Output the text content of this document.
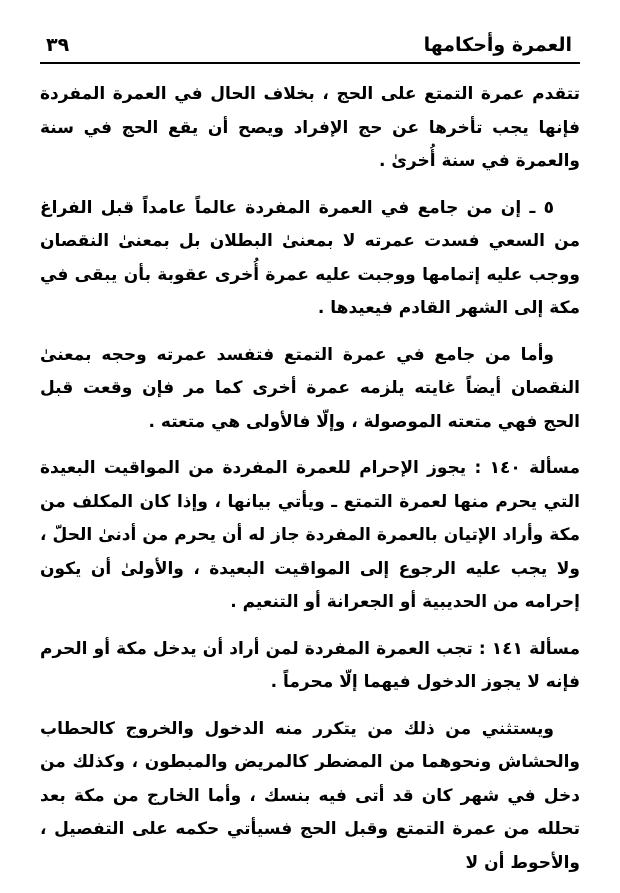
العمرة وأحكامها
٣٩

تتقدم عمرة التمتع على الحج ، بخلاف الحال في العمرة المفردة فإنها يجب تأخرها عن حج الإفراد ويصح أن يقع الحج في سنة والعمرة في سنة أُخرىٰ .

٥ ـ إن من جامع في العمرة المفردة عالماً عامداً قبل الفراغ من السعي فسدت عمرته لا بمعنىٰ البطلان بل بمعنىٰ النقصان ووجب عليه إتمامها ووجبت عليه عمرة أُخرى عقوبة بأن يبقى في مكة إلى الشهر القادم فيعيدها .

وأما من جامع في عمرة التمتع فتفسد عمرته وحجه بمعنىٰ النقصان أيضاً غايته يلزمه عمرة أخرى كما مر فإن وقعت قبل الحج فهي متعته الموصولة ، وإلّا فالأولى هي متعته .

مسألة ١٤٠ : يجوز الإحرام للعمرة المفردة من المواقيت البعيدة التي يحرم منها لعمرة التمتع ـ ويأتي بيانها ، وإذا كان المكلف من مكة وأراد الإتيان بالعمرة المفردة جاز له أن يحرم من أدنىٰ الحلّ ، ولا يجب عليه الرجوع إلى المواقيت البعيدة ، والأولىٰ أن يكون إحرامه من الحديبية أو الجعرانة أو التنعيم .

مسألة ١٤١ : تجب العمرة المفردة لمن أراد أن يدخل مكة أو الحرم فإنه لا يجوز الدخول فيهما إلّا محرماً .

ويستثني من ذلك من يتكرر منه الدخول والخروج كالحطاب والحشاش ونحوهما من المضطر كالمريض والمبطون ، وكذلك من دخل في شهر كان قد أتى فيه بنسك ، وأما الخارج من مكة بعد تحلله من عمرة التمتع وقبل الحج فسيأتي حكمه على التفصيل ، والأحوط أن لا
